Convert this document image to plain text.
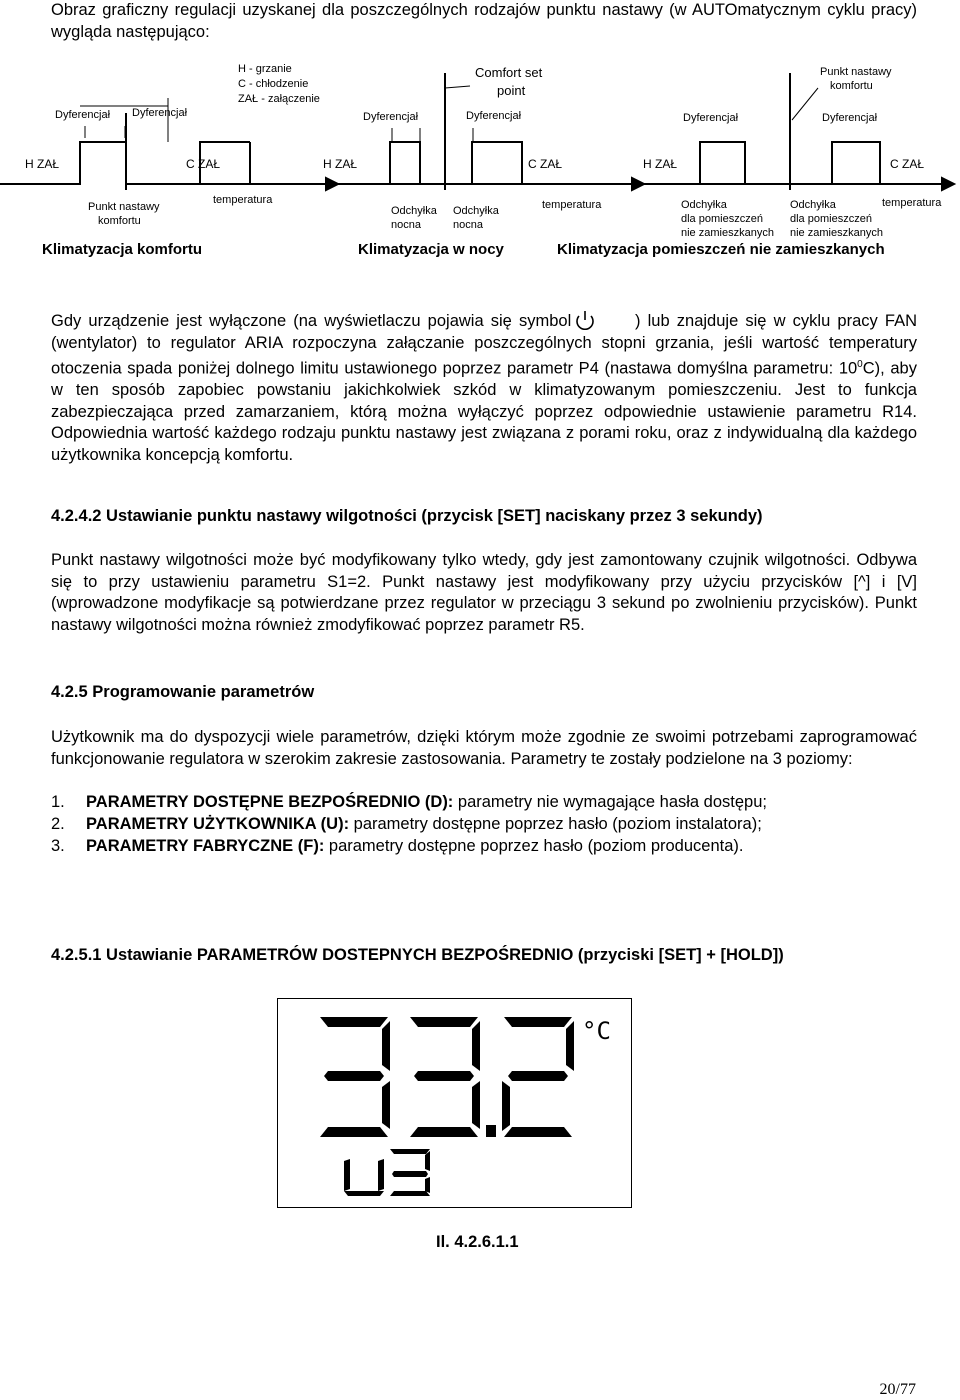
Obraz graficzny regulacji uzyskanej dla poszczególnych rodzajów punktu nastawy (w AUTOmatycznym cyklu pracy) wygląda następująco:

H - grzanie
C - chłodzenie
ZAŁ - załączenie
Dyferencjał Dyferencjał
H ZAŁ	C ZAŁ
Punkt nastawy
komfortu
temperatura
Klimatyzacja komfortu
Comfort set
point
Dyferencjał	Dyferencjał
H ZAŁ	C ZAŁ
Odchyłka
nocna
Odchyłka
nocna
temperatura
Klimatyzacja w nocy
Punkt nastawy
komfortu
Dyferencjał	Dyferencjał
H ZAŁ	C ZAŁ
Odchyłka
dla pomieszczeń
nie zamieszkanych
Odchyłka
dla pomieszczeń
nie zamieszkanych
temperatura
Klimatyzacja pomieszczeń nie zamieszkanych

Gdy urządzenie jest wyłączone (na wyświetlaczu pojawia się symbol	) lub znajduje się w cyklu pracy FAN (wentylator) to regulator ARIA rozpoczyna załączanie poszczególnych stopni grzania, jeśli wartość temperatury otoczenia spada poniżej dolnego limitu ustawionego poprzez parametr P4 (nastawa domyślna parametru: $10^0C$), aby w ten sposób zapobiec powstaniu jakichkolwiek szkód w klimatyzowanym pomieszczeniu. Jest to funkcja zabezpieczająca przed zamarzaniem, którą można wyłączyć poprzez odpowiednie ustawienie parametru R14. Odpowiednia wartość każdego rodzaju punktu nastawy jest związana z porami roku, oraz z indywidualną dla każdego użytkownika koncepcją komfortu.

4.2.4.2 Ustawianie punktu nastawy wilgotności (przycisk [SET] naciskany przez 3 sekundy)

Punkt nastawy wilgotności może być modyfikowany tylko wtedy, gdy jest zamontowany czujnik wilgotności. Odbywa się to przy ustawieniu parametru S1=2. Punkt nastawy jest modyfikowany przy użyciu przycisków [^] i [V] (wprowadzone modyfikacje są potwierdzane przez regulator w przeciągu 3 sekund po zwolnieniu przycisków). Punkt nastawy wilgotności można również zmodyfikować poprzez parametr R5.

4.2.5 Programowanie parametrów

Użytkownik ma do dyspozycji wiele parametrów, dzięki którym może zgodnie ze swoimi potrzebami zaprogramować funkcjonowanie regulatora w szerokim zakresie zastosowania. Parametry te zostały podzielone na 3 poziomy:

1. PARAMETRY DOSTĘPNE BEZPOŚREDNIO (D): parametry nie wymagające hasła dostępu;
2. PARAMETRY UŻYTKOWNIKA (U): parametry dostępne poprzez hasło (poziom instalatora);
3. PARAMETRY FABRYCZNE (F): parametry dostępne poprzez hasło (poziom producenta).

4.2.5.1 Ustawianie PARAMETRÓW DOSTEPNYCH BEZPOŚREDNIO (przyciski [SET] + [HOLD])

°C
Il. 4.2.6.1.1
20/77
